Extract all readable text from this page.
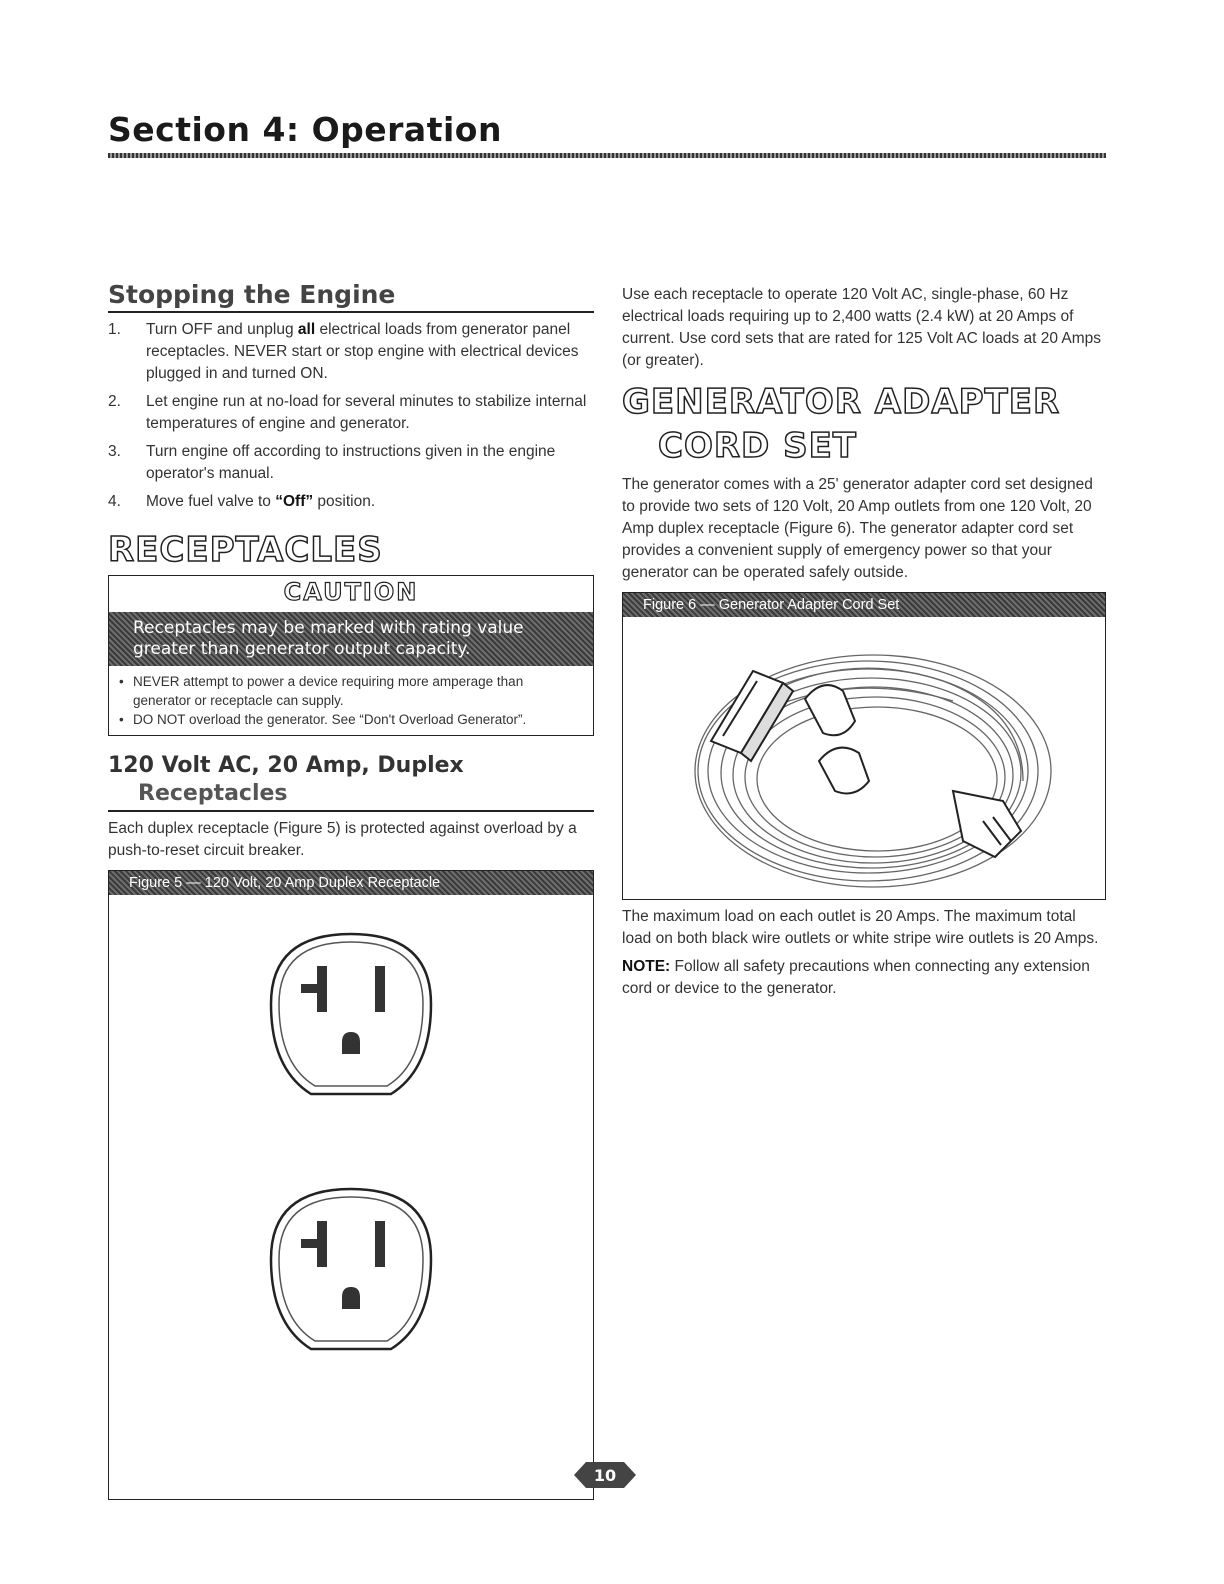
Section 4: Operation
Stopping the Engine
1. Turn OFF and unplug all electrical loads from generator panel receptacles. NEVER start or stop engine with electrical devices plugged in and turned ON.
2. Let engine run at no-load for several minutes to stabilize internal temperatures of engine and generator.
3. Turn engine off according to instructions given in the engine operator's manual.
4. Move fuel valve to “Off” position.
RECEPTACLES
CAUTION
Receptacles may be marked with rating value greater than generator output capacity.
• NEVER attempt to power a device requiring more amperage than generator or receptacle can supply.
• DO NOT overload the generator. See “Don't Overload Generator”.
120 Volt AC, 20 Amp, Duplex
Receptacles

Each duplex receptacle (Figure 5) is protected against overload by a push-to-reset circuit breaker.

Figure 5 — 120 Volt, 20 Amp Duplex Receptacle

Use each receptacle to operate 120 Volt AC, single-phase, 60 Hz electrical loads requiring up to 2,400 watts (2.4 kW) at 20 Amps of current. Use cord sets that are rated for 125 Volt AC loads at 20 Amps (or greater).

GENERATOR ADAPTER
CORD SET

The generator comes with a 25' generator adapter cord set designed to provide two sets of 120 Volt, 20 Amp outlets from one 120 Volt, 20 Amp duplex receptacle (Figure 6). The generator adapter cord set provides a convenient supply of emergency power so that your generator can be operated safely outside.

Figure 6 — Generator Adapter Cord Set

The maximum load on each outlet is 20 Amps. The maximum total load on both black wire outlets or white stripe wire outlets is 20 Amps.

NOTE: Follow all safety precautions when connecting any extension cord or device to the generator.

10
